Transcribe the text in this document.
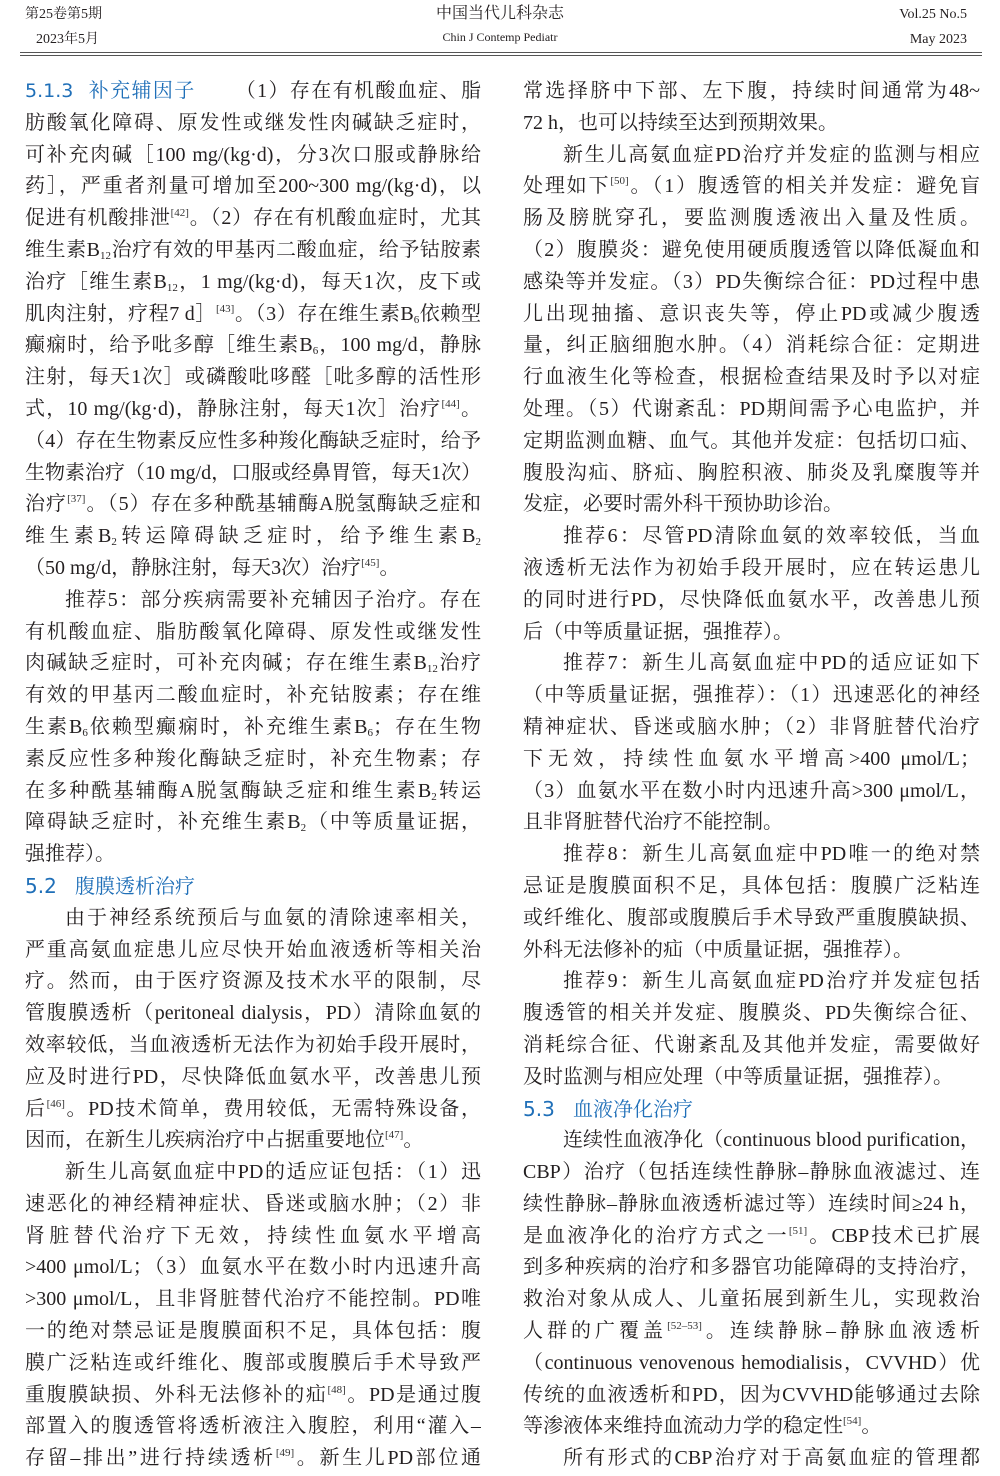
第25卷第5期
2023年5月
中国当代儿科杂志
Chin J Contemp Pediatr
Vol.25 No.5
May 2023
5.1.3 补充辅因子 （1）存在有机酸血症、脂
肪酸氧化障碍、原发性或继发性肉碱缺乏症时，
可补充肉碱［100 mg/(kg·d)，分3次口服或静脉给
药］，严重者剂量可增加至200~300 mg/(kg·d)，以
促进有机酸排泄[42]。（2）存在有机酸血症时，尤其
维生素$B_{12}$治疗有效的甲基丙二酸血症，给予钴胺素
治疗［维生素$B_{12}$，1 mg/(kg·d)，每天1次，皮下或
肌肉注射，疗程7 d］[43]。（3）存在维生素$B_6$依赖型
癫痫时，给予吡多醇［维生素$B_6$，100 mg/d，静脉
注射，每天1次］或磷酸吡哆醛［吡多醇的活性形
式，10 mg/(kg·d)，静脉注射，每天1次］治疗[44]。
（4）存在生物素反应性多种羧化酶缺乏症时，给予
生物素治疗（10 mg/d，口服或经鼻胃管，每天1次）
治疗[37]。（5）存在多种酰基辅酶A脱氢酶缺乏症和
维生素$B_2$转运障碍缺乏症时，给予维生素$B_2$
（50 mg/d，静脉注射，每天3次）治疗[45]。
推荐5：部分疾病需要补充辅因子治疗。存在
有机酸血症、脂肪酸氧化障碍、原发性或继发性
肉碱缺乏症时，可补充肉碱；存在维生素$B_{12}$治疗
有效的甲基丙二酸血症时，补充钴胺素；存在维
生素$B_6$依赖型癫痫时，补充维生素$B_6$；存在生物
素反应性多种羧化酶缺乏症时，补充生物素；存
在多种酰基辅酶A脱氢酶缺乏症和维生素$B_2$转运
障碍缺乏症时，补充维生素$B_2$（中等质量证据，
强推荐）。
5.2 腹膜透析治疗
由于神经系统预后与血氨的清除速率相关，
严重高氨血症患儿应尽快开始血液透析等相关治
疗。然而，由于医疗资源及技术水平的限制，尽
管腹膜透析（peritoneal dialysis，PD）清除血氨的
效率较低，当血液透析无法作为初始手段开展时，
应及时进行PD，尽快降低血氨水平，改善患儿预
后[46]。PD技术简单，费用较低，无需特殊设备，
因而，在新生儿疾病治疗中占据重要地位[47]。
新生儿高氨血症中PD的适应证包括：（1）迅
速恶化的神经精神症状、昏迷或脑水肿；（2）非
肾脏替代治疗下无效，持续性血氨水平增高
>400 μmol/L；（3）血氨水平在数小时内迅速升高
>300 μmol/L，且非肾脏替代治疗不能控制。PD唯
一的绝对禁忌证是腹膜面积不足，具体包括：腹
膜广泛粘连或纤维化、腹部或腹膜后手术导致严
重腹膜缺损、外科无法修补的疝[48]。PD是通过腹
部置入的腹透管将透析液注入腹腔，利用“灌入–
存留–排出”进行持续透析[49]。新生儿PD部位通
常选择脐中下部、左下腹，持续时间通常为48~
72 h，也可以持续至达到预期效果。
新生儿高氨血症PD治疗并发症的监测与相应
处理如下[50]。（1）腹透管的相关并发症：避免盲
肠及膀胱穿孔，要监测腹透液出入量及性质。
（2）腹膜炎：避免使用硬质腹透管以降低凝血和
感染等并发症。（3）PD失衡综合征：PD过程中患
儿出现抽搐、意识丧失等，停止PD或减少腹透
量，纠正脑细胞水肿。（4）消耗综合征：定期进
行血液生化等检查，根据检查结果及时予以对症
处理。（5）代谢紊乱：PD期间需予心电监护，并
定期监测血糖、血气。其他并发症：包括切口疝、
腹股沟疝、脐疝、胸腔积液、肺炎及乳糜腹等并
发症，必要时需外科干预协助诊治。
推荐6：尽管PD清除血氨的效率较低，当血
液透析无法作为初始手段开展时，应在转运患儿
的同时进行PD，尽快降低血氨水平，改善患儿预
后（中等质量证据，强推荐）。
推荐7：新生儿高氨血症中PD的适应证如下
（中等质量证据，强推荐）：（1）迅速恶化的神经
精神症状、昏迷或脑水肿；（2）非肾脏替代治疗
下无效，持续性血氨水平增高>400 μmol/L；
（3）血氨水平在数小时内迅速升高>300 μmol/L，
且非肾脏替代治疗不能控制。
推荐8：新生儿高氨血症中PD唯一的绝对禁
忌证是腹膜面积不足，具体包括：腹膜广泛粘连
或纤维化、腹部或腹膜后手术导致严重腹膜缺损、
外科无法修补的疝（中质量证据，强推荐）。
推荐9：新生儿高氨血症PD治疗并发症包括
腹透管的相关并发症、腹膜炎、PD失衡综合征、
消耗综合征、代谢紊乱及其他并发症，需要做好
及时监测与相应处理（中等质量证据，强推荐）。
5.3 血液净化治疗
连续性血液净化（continuous blood purification，
CBP）治疗（包括连续性静脉–静脉血液滤过、连
续性静脉–静脉血液透析滤过等）连续时间≥24 h，
是血液净化的治疗方式之一[51]。CBP技术已扩展
到多种疾病的治疗和多器官功能障碍的支持治疗，
救治对象从成人、儿童拓展到新生儿，实现救治
人群的广覆盖[52–53]。连续静脉–静脉血液透析
（continuous venovenous hemodialisis，CVVHD）优
传统的血液透析和PD，因为CVVHD能够通过去除
等渗液体来维持血流动力学的稳定性[54]。
所有形式的CBP治疗对于高氨血症的管理都
